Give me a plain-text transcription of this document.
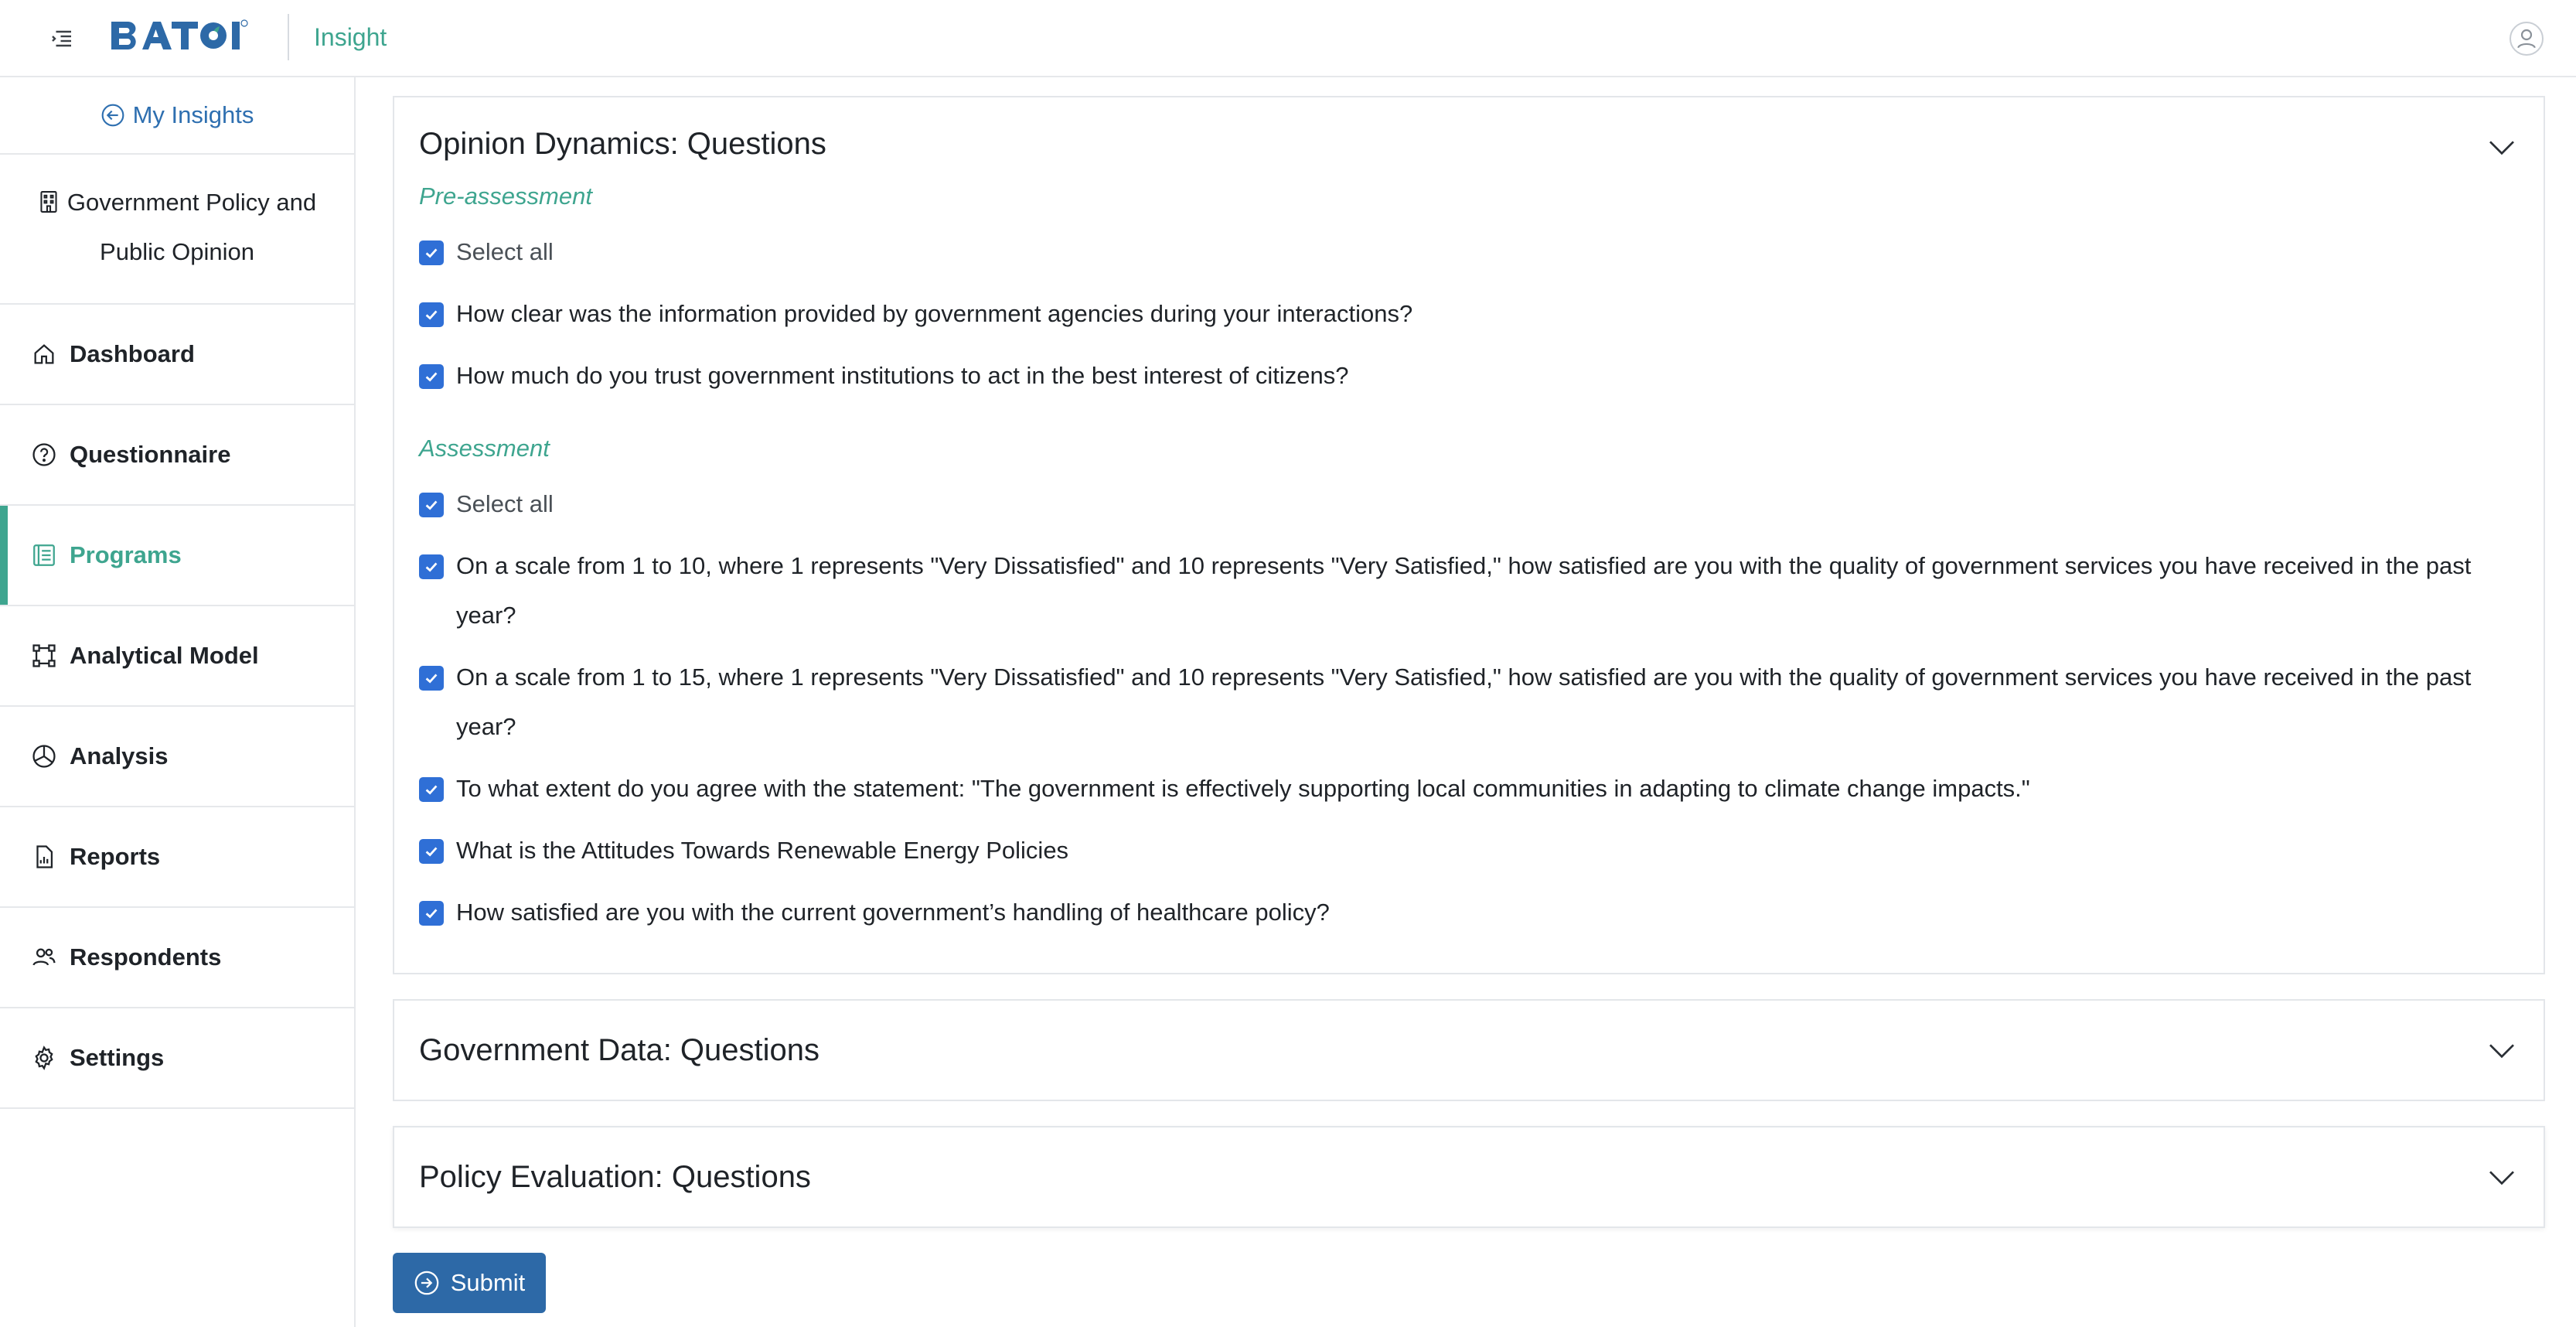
Insight
My Insights
Government Policy and
Public Opinion
Dashboard
Questionnaire
Programs
Analytical Model
Analysis
Reports
Respondents
Settings
Opinion Dynamics: Questions
Pre-assessment
Select all
How clear was the information provided by government agencies during your interactions?
How much do you trust government institutions to act in the best interest of citizens?
Assessment
Select all
On a scale from 1 to 10, where 1 represents "Very Dissatisfied" and 10 represents "Very Satisfied," how satisfied are you with the quality of government services you have received in the past year?
On a scale from 1 to 15, where 1 represents "Very Dissatisfied" and 10 represents "Very Satisfied," how satisfied are you with the quality of government services you have received in the past year?
To what extent do you agree with the statement: "The government is effectively supporting local communities in adapting to climate change impacts."
What is the Attitudes Towards Renewable Energy Policies
How satisfied are you with the current government’s handling of healthcare policy?
Government Data: Questions
Policy Evaluation: Questions
Submit
